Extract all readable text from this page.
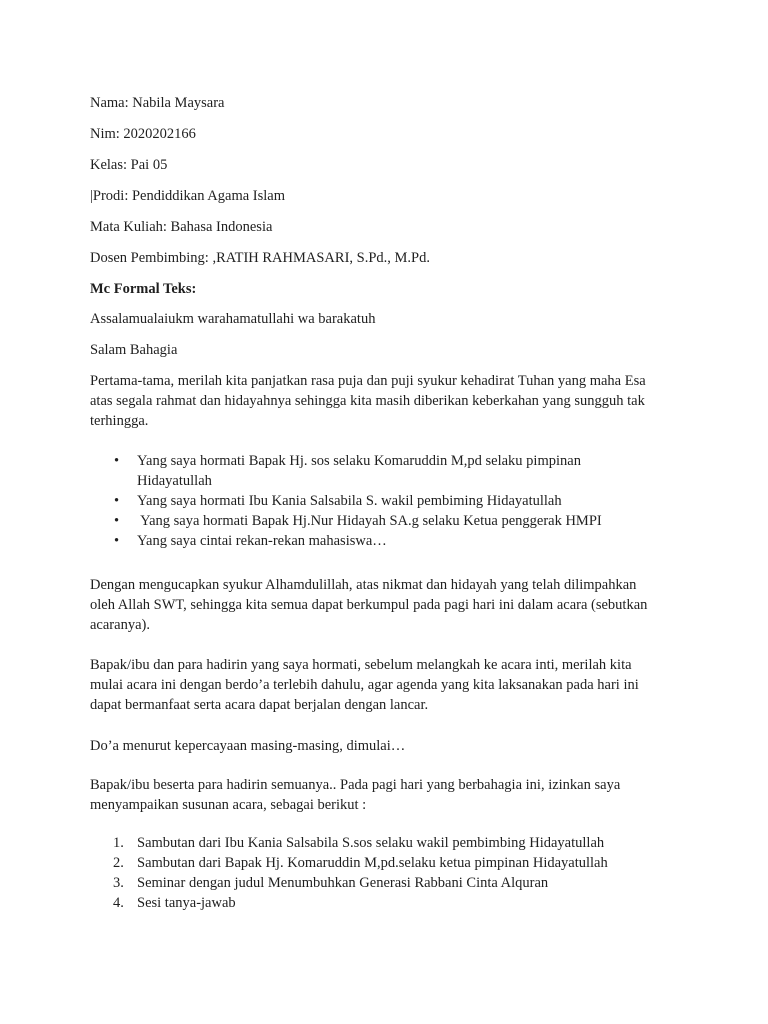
Nama: Nabila Maysara

Nim: 2020202166

Kelas: Pai 05

|Prodi: Pendiddikan Agama Islam

Mata Kuliah: Bahasa Indonesia

Dosen Pembimbing: ,RATIH RAHMASARI, S.Pd., M.Pd.

Mc Formal Teks:

Assalamualaiukm warahamatullahi wa barakatuh

Salam Bahagia

Pertama-tama, merilah kita panjatkan rasa puja dan puji syukur kehadirat Tuhan yang maha Esa
atas segala rahmat dan hidayahnya sehingga kita masih diberikan keberkahan yang sungguh tak
terhingga.
• Yang saya hormati Bapak Hj. sos selaku Komaruddin M,pd selaku pimpinan
Hidayatullah
• Yang saya hormati Ibu Kania Salsabila S. wakil pembiming Hidayatullah
•  Yang saya hormati Bapak Hj.Nur Hidayah SA.g selaku Ketua penggerak HMPI
• Yang saya cintai rekan-rekan mahasiswa…
Dengan mengucapkan syukur Alhamdulillah, atas nikmat dan hidayah yang telah dilimpahkan
oleh Allah SWT, sehingga kita semua dapat berkumpul pada pagi hari ini dalam acara (sebutkan
acaranya).
Bapak/ibu dan para hadirin yang saya hormati, sebelum melangkah ke acara inti, merilah kita
mulai acara ini dengan berdo’a terlebih dahulu, agar agenda yang kita laksanakan pada hari ini
dapat bermanfaat serta acara dapat berjalan dengan lancar.

Do’a menurut kepercayaan masing-masing, dimulai…

Bapak/ibu beserta para hadirin semuanya.. Pada pagi hari yang berbahagia ini, izinkan saya
menyampaikan susunan acara, sebagai berikut :
1. Sambutan dari Ibu Kania Salsabila S.sos selaku wakil pembimbing Hidayatullah
2. Sambutan dari Bapak Hj. Komaruddin M,pd.selaku ketua pimpinan Hidayatullah
3. Seminar dengan judul Menumbuhkan Generasi Rabbani Cinta Alquran
4. Sesi tanya-jawab
